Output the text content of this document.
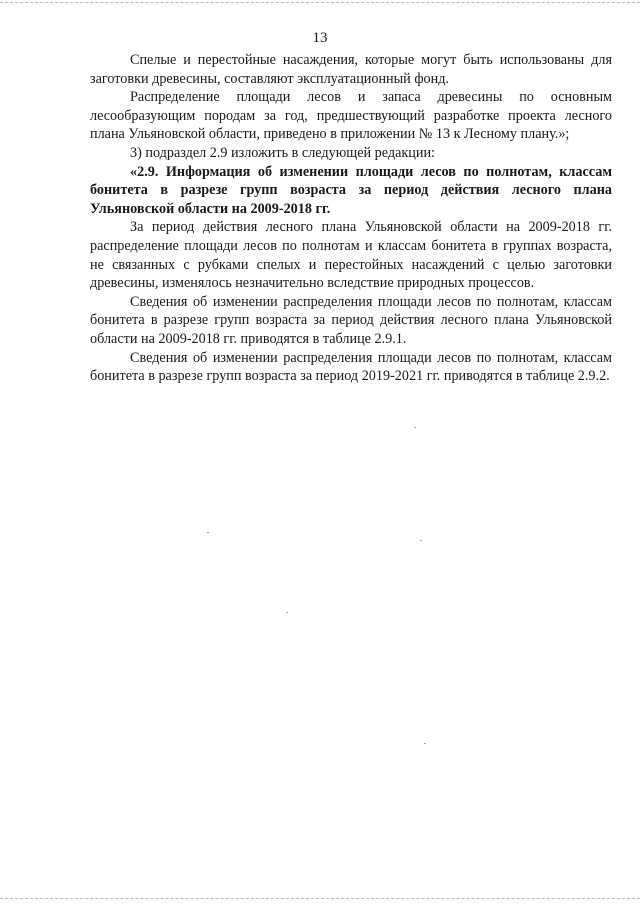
13

Спелые и перестойные насаждения, которые могут быть использованы для заготовки древесины, составляют эксплуатационный фонд.

Распределение площади лесов и запаса древесины по основным лесообразующим породам за год, предшествующий разработке проекта лесного плана Ульяновской области, приведено в приложении № 13 к Лесному плану.»;

3) подраздел 2.9 изложить в следующей редакции:

«2.9. Информация об изменении площади лесов по полнотам, классам бонитета в разрезе групп возраста за период действия лесного плана Ульяновской области на 2009-2018 гг.

За период действия лесного плана Ульяновской области на 2009-2018 гг. распределение площади лесов по полнотам и классам бонитета в группах возраста, не связанных с рубками спелых и перестойных насаждений с целью заготовки древесины, изменялось незначительно вследствие природных процессов.

Сведения об изменении распределения площади лесов по полнотам, классам бонитета в разрезе групп возраста за период действия лесного плана Ульяновской области на 2009-2018 гг. приводятся в таблице 2.9.1.

Сведения об изменении распределения площади лесов по полнотам, классам бонитета в разрезе групп возраста за период 2019-2021 гг. приводятся в таблице 2.9.2.
